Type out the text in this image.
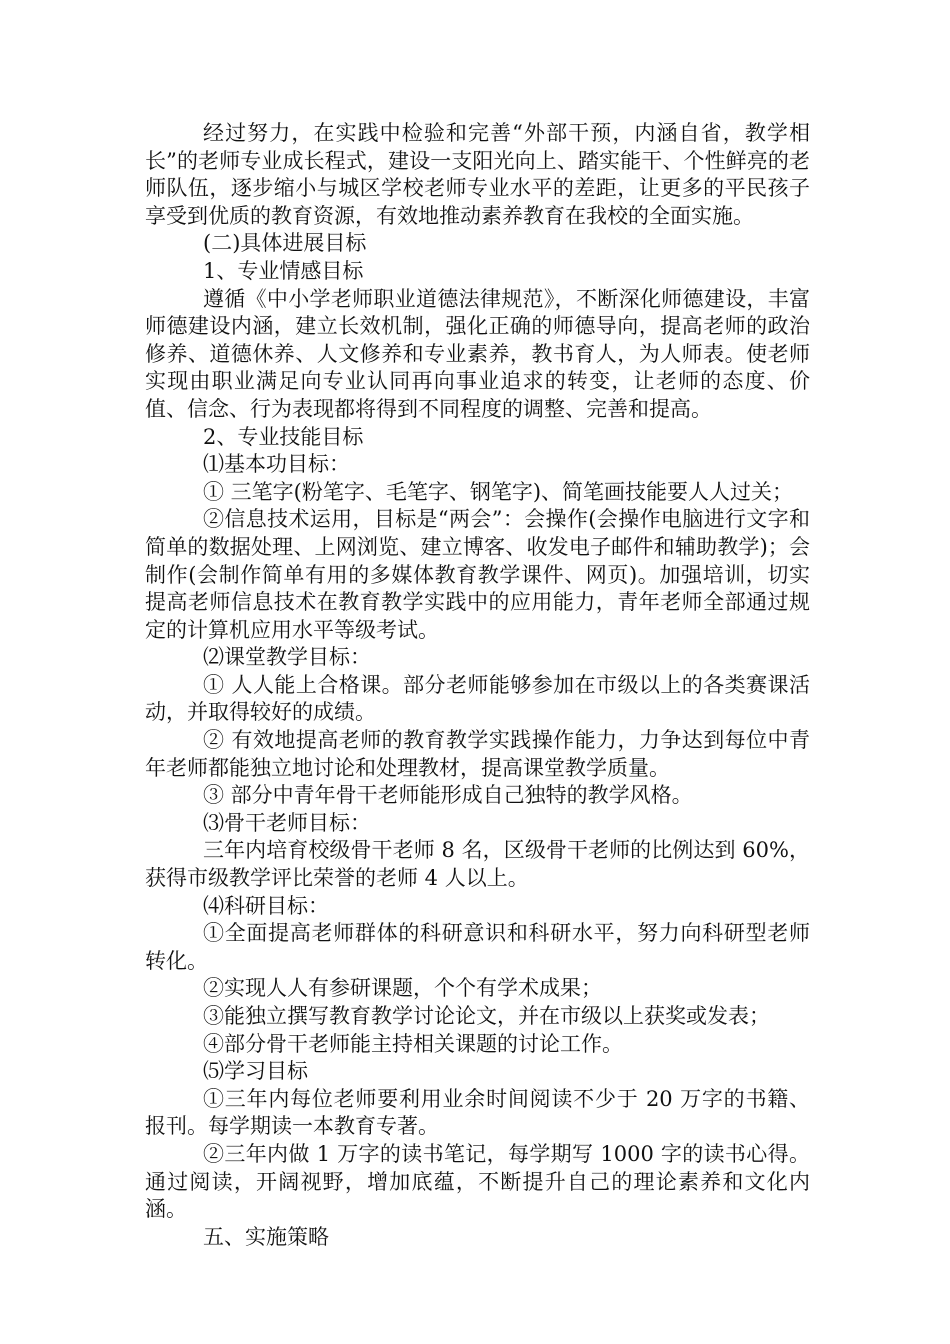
经过努力，在实践中检验和完善“外部干预，内涵自省，教学相长”的老师专业成长程式，建设一支阳光向上、踏实能干、个性鲜亮的老师队伍，逐步缩小与城区学校老师专业水平的差距，让更多的平民孩子享受到优质的教育资源，有效地推动素养教育在我校的全面实施。

(二)具体进展目标

1、专业情感目标

遵循《中小学老师职业道德法律规范》，不断深化师德建设，丰富师德建设内涵，建立长效机制，强化正确的师德导向，提高老师的政治修养、道德休养、人文修养和专业素养，教书育人，为人师表。使老师实现由职业满足向专业认同再向事业追求的转变，让老师的态度、价值、信念、行为表现都将得到不同程度的调整、完善和提高。

2、专业技能目标

⑴基本功目标：

① 三笔字(粉笔字、毛笔字、钢笔字)、简笔画技能要人人过关；

②信息技术运用，目标是“两会”：会操作(会操作电脑进行文字和简单的数据处理、上网浏览、建立博客、收发电子邮件和辅助教学)；会制作(会制作简单有用的多媒体教育教学课件、网页)。加强培训，切实提高老师信息技术在教育教学实践中的应用能力，青年老师全部通过规定的计算机应用水平等级考试。

⑵课堂教学目标：

① 人人能上合格课。部分老师能够参加在市级以上的各类赛课活动，并取得较好的成绩。

② 有效地提高老师的教育教学实践操作能力，力争达到每位中青年老师都能独立地讨论和处理教材，提高课堂教学质量。

③ 部分中青年骨干老师能形成自己独特的教学风格。

⑶骨干老师目标：

三年内培育校级骨干老师 8 名，区级骨干老师的比例达到 60%，获得市级教学评比荣誉的老师 4 人以上。

⑷科研目标：

①全面提高老师群体的科研意识和科研水平，努力向科研型老师转化。

②实现人人有参研课题，个个有学术成果；

③能独立撰写教育教学讨论论文，并在市级以上获奖或发表；

④部分骨干老师能主持相关课题的讨论工作。

⑸学习目标

①三年内每位老师要利用业余时间阅读不少于 20 万字的书籍、报刊。每学期读一本教育专著。

②三年内做 1 万字的读书笔记，每学期写 1000 字的读书心得。通过阅读，开阔视野，增加底蕴，不断提升自己的理论素养和文化内涵。

五、实施策略
